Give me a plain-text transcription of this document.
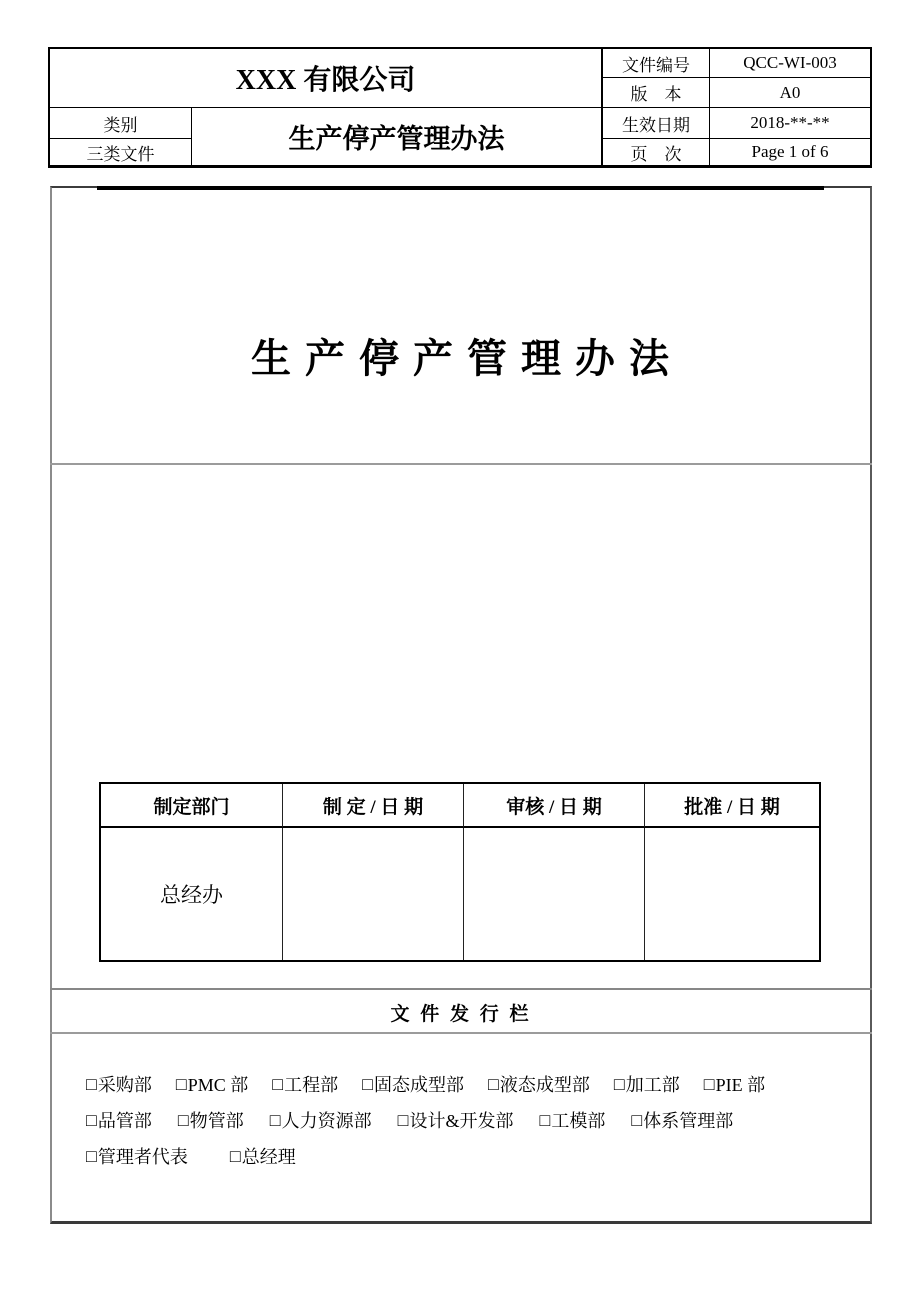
XXX 有限公司	文件编号	QCC-WI-003
版　本	A0
类别	生产停产管理办法	生效日期	2018-**-**
三类文件	页　次	Page 1 of 6
生 产 停 产 管 理 办 法
制定部门	制 定 / 日 期	审核 / 日 期	批准 / 日 期
总经办
文 件 发 行 栏
□ 采购部 □ PMC 部 □ 工程部 □ 固态成型部 □ 液态成型部 □ 加工部 □ PIE 部
□ 品管部 □ 物管部 □ 人力资源部 □ 设计&开发部 □ 工模部 □ 体系管理部
□ 管理者代表 □ 总经理
